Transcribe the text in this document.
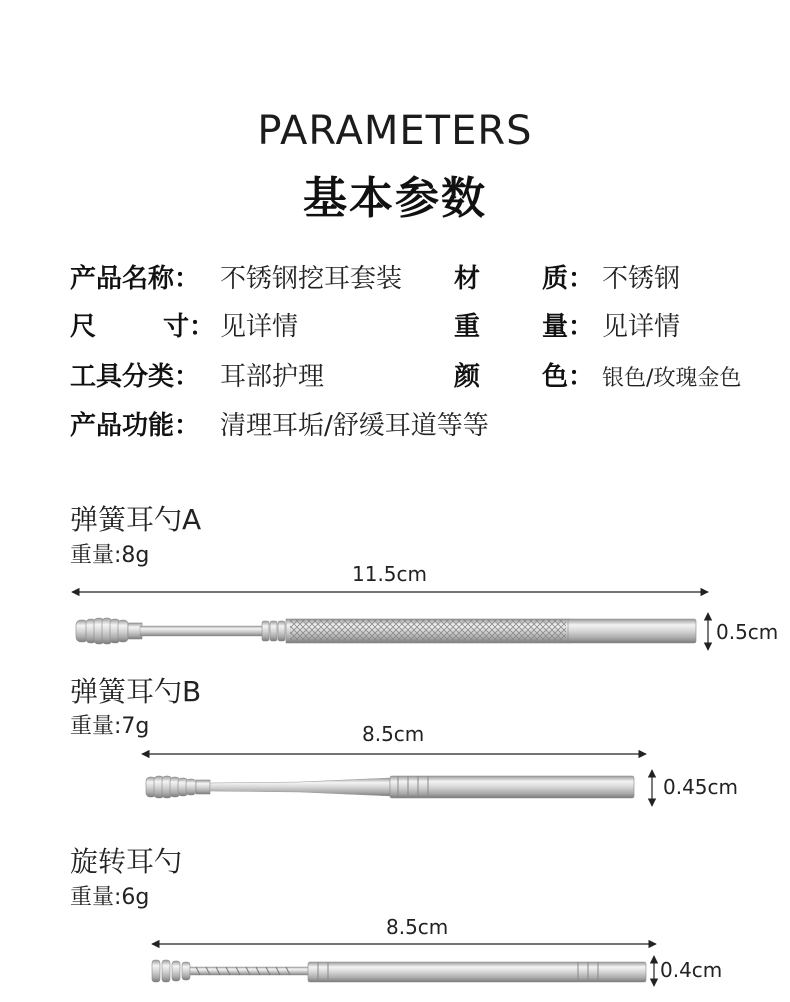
PARAMETERS
基本参数
产品名称： 不锈钢挖耳套装 材 质： 不锈钢
尺	寸： 见详情	重 量： 见详情
工具分类： 耳部护理	颜 色： 银色/玫瑰金色
产品功能： 清理耳垢/舒缓耳道等等
弹簧耳勺A
重量:8g
11.5cm
0.5cm
弹簧耳勺B
重量:7g	8.5cm
0.45cm
旋转耳勺
重量:6g
8.5cm
0.4cm
